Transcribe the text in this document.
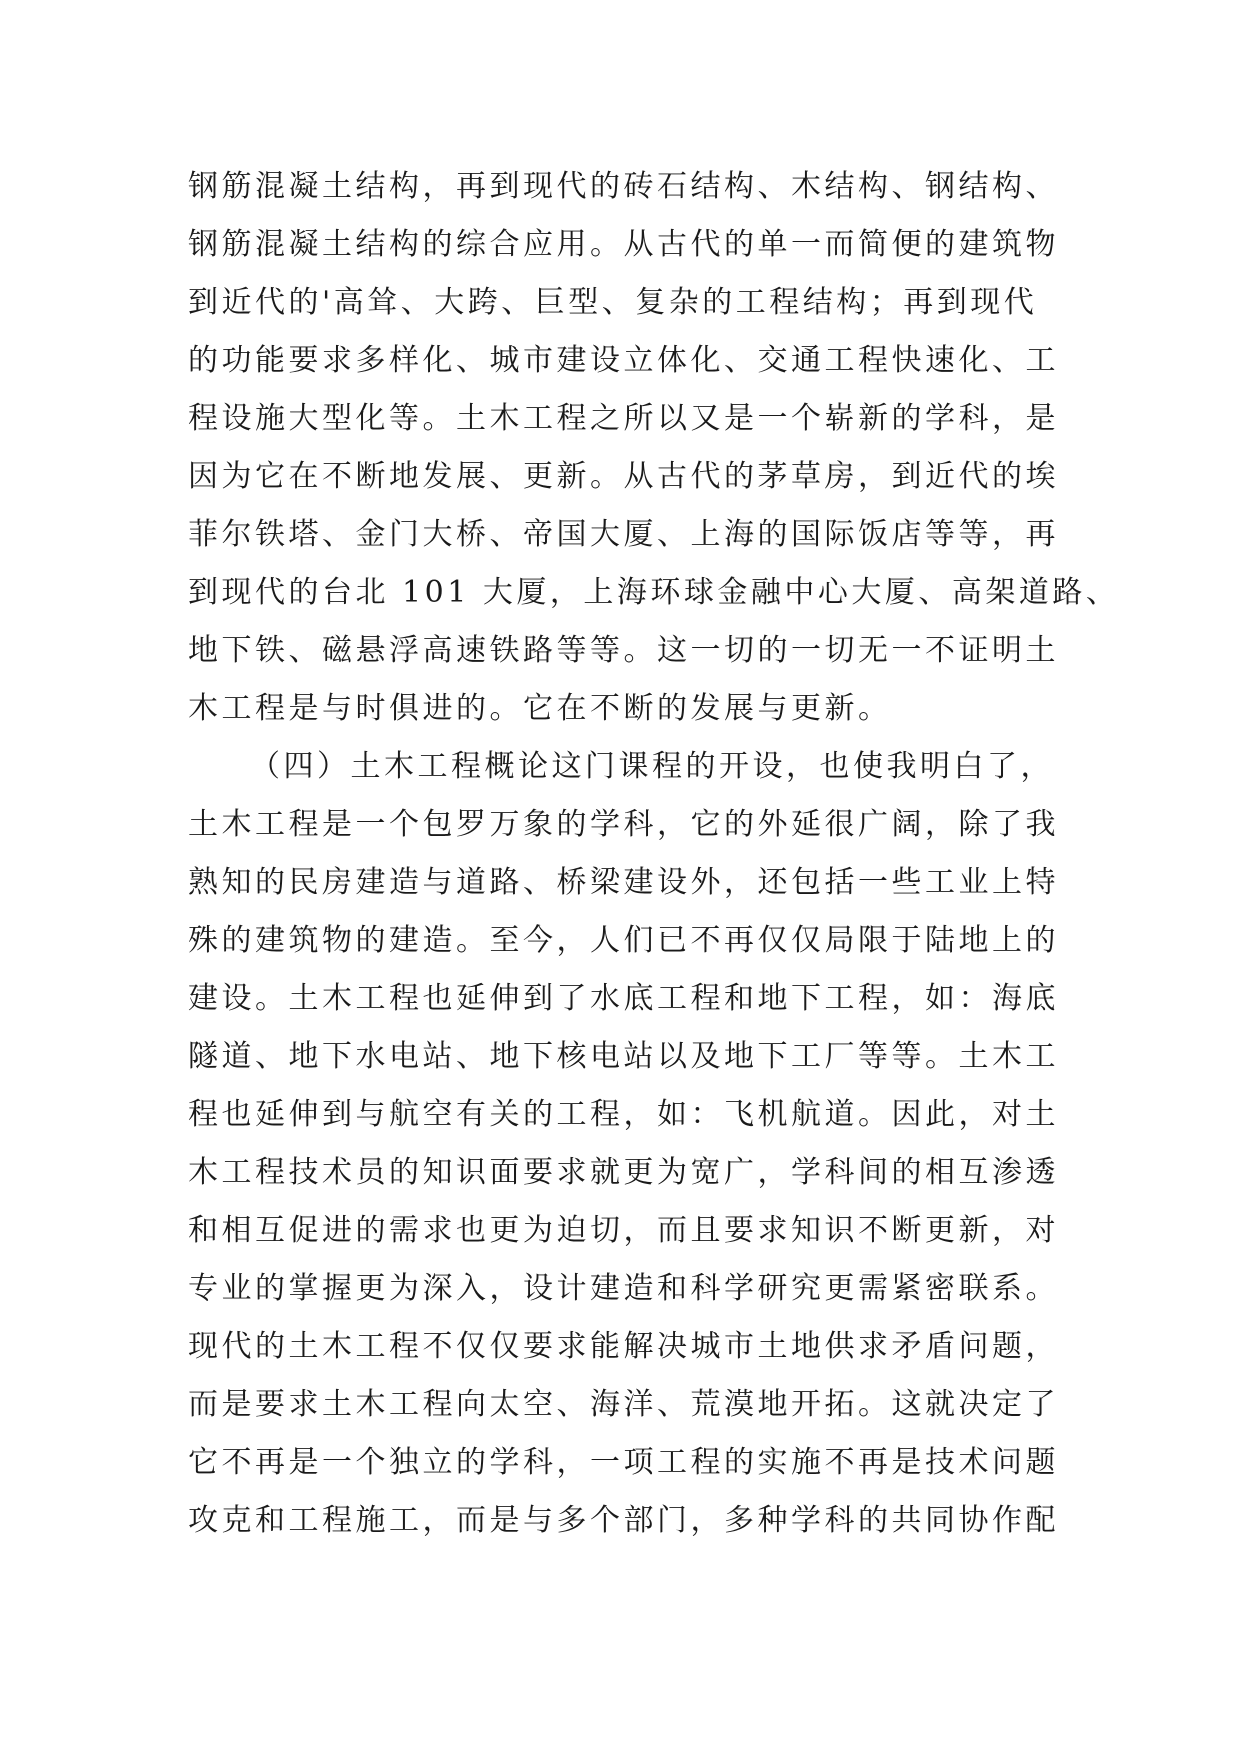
钢筋混凝土结构，再到现代的砖石结构、木结构、钢结构、
钢筋混凝土结构的综合应用。从古代的单一而简便的建筑物
到近代的'高耸、大跨、巨型、复杂的工程结构；再到现代
的功能要求多样化、城市建设立体化、交通工程快速化、工
程设施大型化等。土木工程之所以又是一个崭新的学科，是
因为它在不断地发展、更新。从古代的茅草房，到近代的埃
菲尔铁塔、金门大桥、帝国大厦、上海的国际饭店等等，再
到现代的台北 101 大厦，上海环球金融中心大厦、高架道路、
地下铁、磁悬浮高速铁路等等。这一切的一切无一不证明土
木工程是与时俱进的。它在不断的发展与更新。
（四）土木工程概论这门课程的开设，也使我明白了，
土木工程是一个包罗万象的学科，它的外延很广阔，除了我
熟知的民房建造与道路、桥梁建设外，还包括一些工业上特
殊的建筑物的建造。至今，人们已不再仅仅局限于陆地上的
建设。土木工程也延伸到了水底工程和地下工程，如：海底
隧道、地下水电站、地下核电站以及地下工厂等等。土木工
程也延伸到与航空有关的工程，如：飞机航道。因此，对土
木工程技术员的知识面要求就更为宽广，学科间的相互渗透
和相互促进的需求也更为迫切，而且要求知识不断更新，对
专业的掌握更为深入，设计建造和科学研究更需紧密联系。
现代的土木工程不仅仅要求能解决城市土地供求矛盾问题，
而是要求土木工程向太空、海洋、荒漠地开拓。这就决定了
它不再是一个独立的学科，一项工程的实施不再是技术问题
攻克和工程施工，而是与多个部门，多种学科的共同协作配
